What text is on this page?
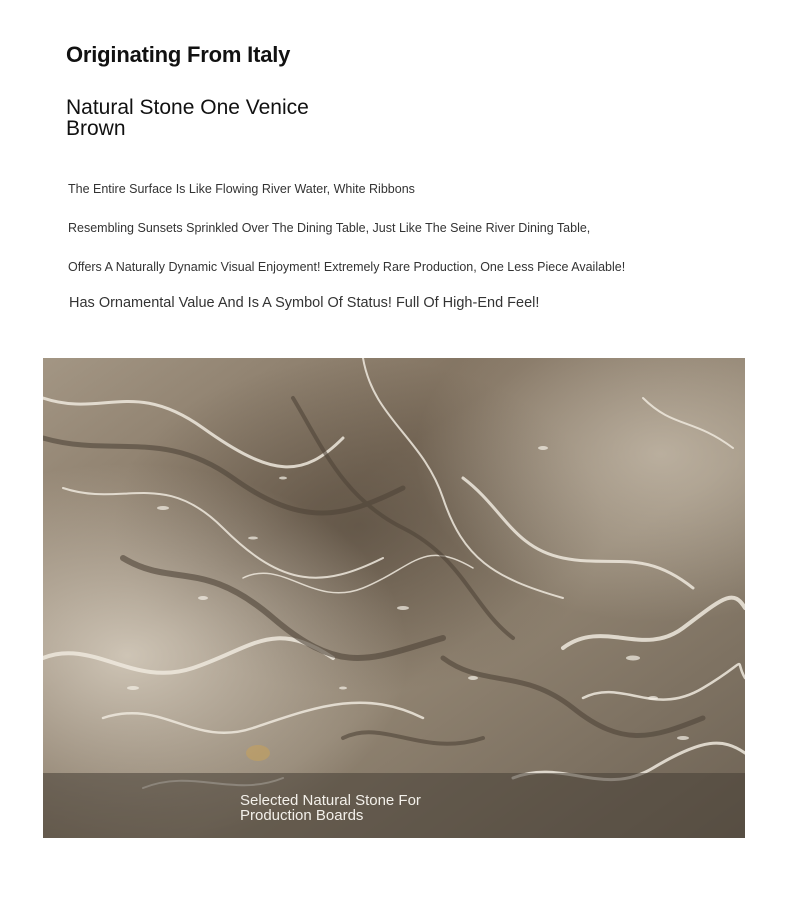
Originating From Italy
Natural Stone One Venice Brown
The Entire Surface Is Like Flowing River Water, White Ribbons
Resembling Sunsets Sprinkled Over The Dining Table, Just Like The Seine River Dining Table,
Offers A Naturally Dynamic Visual Enjoyment! Extremely Rare Production, One Less Piece Available!
Has Ornamental Value And Is A Symbol Of Status! Full Of High-End Feel!
Selected Natural Stone For Production Boards
